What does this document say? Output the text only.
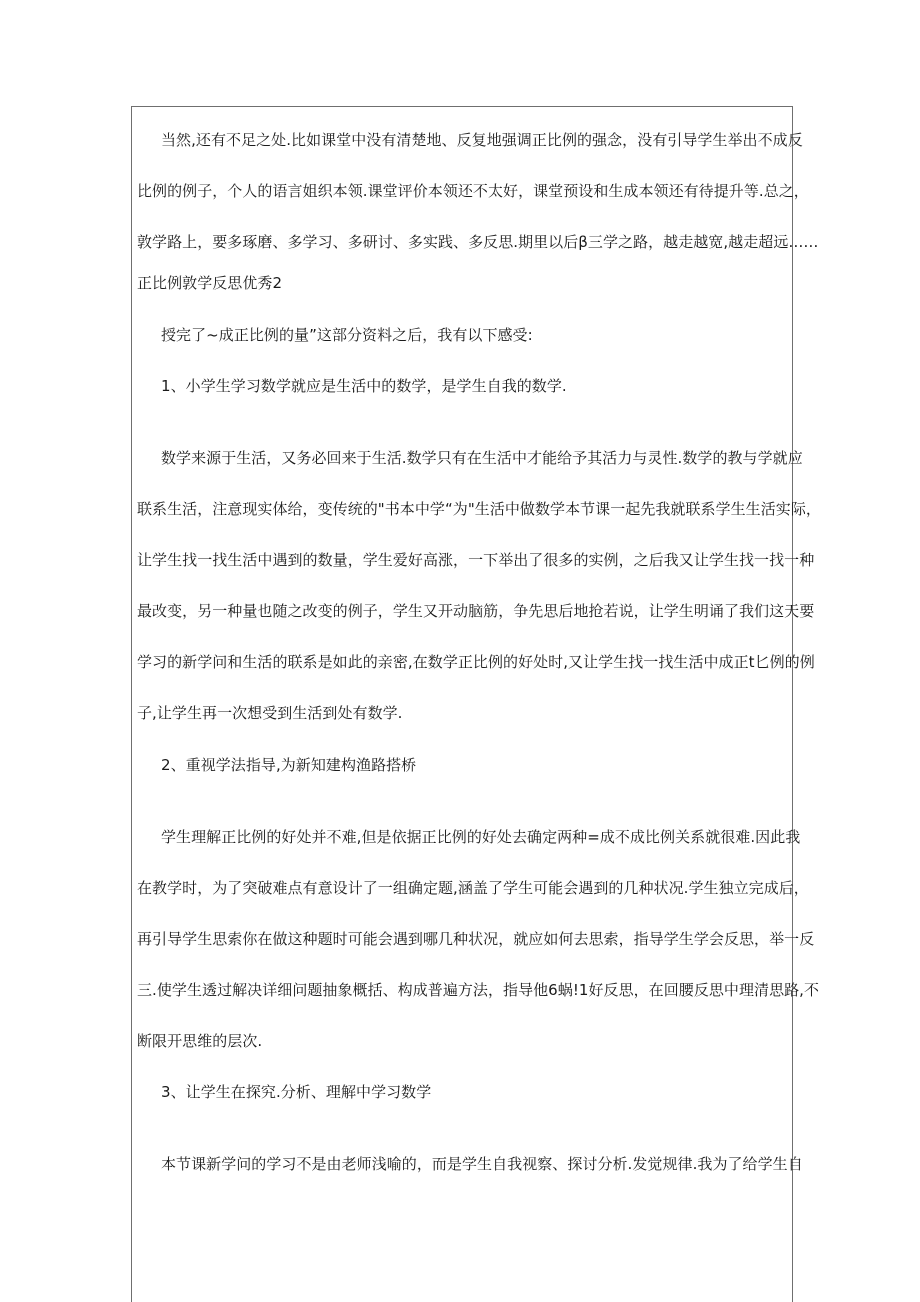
当然,还有不足之处.比如课堂中没有清楚地、反复地强调正比例的强念，没有引导学生举出不成反

比例的例子，个人的语言姐织本领.课堂评价本领还不太好，课堂预设和生成本领还有待提升等.总之，

敦学路上，要多琢磨、多学习、多研讨、多实践、多反思.期里以后β三学之路，越走越宽,越走超远……

正比例敦学反思优秀2

授完了~成正比例的量”这部分资料之后，我有以下感受:

1、小学生学习数学就应是生活中的数学，是学生自我的数学.

数学来源于生活，又务必回来于生活.数学只有在生活中才能给予其活力与灵性.数学的教与学就应

联系生活，注意现实体给，变传统的"书本中学“为"生活中做数学本节课一起先我就联系学生生活实际，

让学生找一找生活中遇到的数量，学生爱好高涨，一下举出了很多的实例，之后我又让学生找一找一种

最改变，另一种量也随之改变的例子，学生又开动脑筋，争先思后地抢若说，让学生明诵了我们这天要

学习的新学问和生活的联系是如此的亲密,在数学正比例的好处时,又让学生找一找生活中成正t匕例的例

子,让学生再一次想受到生活到处有数学.

2、重视学法指导,为新知建构渔路搭桥

学生理解正比例的好处并不难,但是依据正比例的好处去确定两种=成不成比例关系就很难.因此我

在教学时，为了突破难点有意设计了一组确定题,涵盖了学生可能会遇到的几种状况.学生独立完成后，

再引导学生思索你在做这种题时可能会遇到哪几种状况，就应如何去思索，指导学生学会反思，举一反

三.使学生透过解决详细问题抽象概括、构成普遍方法，指导他6蜗!1好反思，在回腰反思中理清思路,不

断限开思维的层次.

3、让学生在探究.分析、理解中学习数学

本节课新学问的学习不是由老师浅喻的，而是学生自我视察、探讨分析.发觉规律.我为了给学生自
